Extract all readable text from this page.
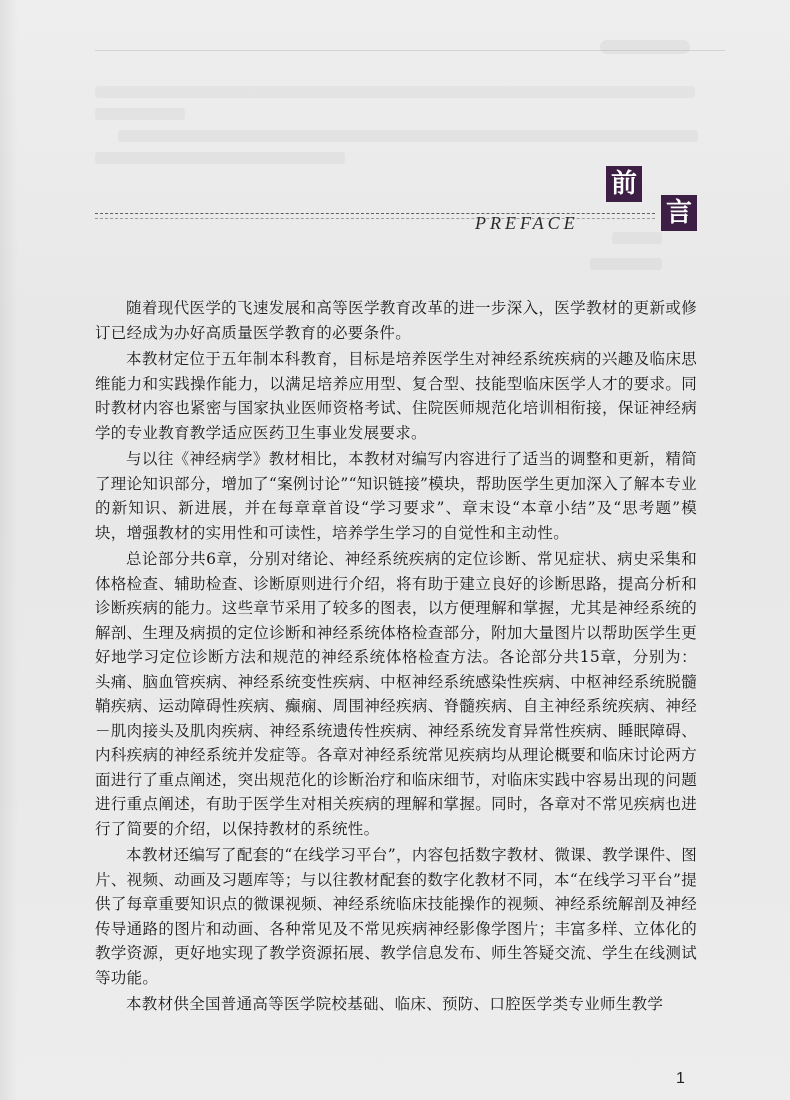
前
言
PREFACE

随着现代医学的飞速发展和高等医学教育改革的进一步深入，医学教材的更新或修订已经成为办好高质量医学教育的必要条件。

本教材定位于五年制本科教育，目标是培养医学生对神经系统疾病的兴趣及临床思维能力和实践操作能力，以满足培养应用型、复合型、技能型临床医学人才的要求。同时教材内容也紧密与国家执业医师资格考试、住院医师规范化培训相衔接，保证神经病学的专业教育教学适应医药卫生事业发展要求。

与以往《神经病学》教材相比，本教材对编写内容进行了适当的调整和更新，精简了理论知识部分，增加了“案例讨论”“知识链接”模块，帮助医学生更加深入了解本专业的新知识、新进展，并在每章章首设“学习要求”、章末设“本章小结”及“思考题”模块，增强教材的实用性和可读性，培养学生学习的自觉性和主动性。

总论部分共6章，分别对绪论、神经系统疾病的定位诊断、常见症状、病史采集和体格检查、辅助检查、诊断原则进行介绍，将有助于建立良好的诊断思路，提高分析和诊断疾病的能力。这些章节采用了较多的图表，以方便理解和掌握，尤其是神经系统的解剖、生理及病损的定位诊断和神经系统体格检查部分，附加大量图片以帮助医学生更好地学习定位诊断方法和规范的神经系统体格检查方法。各论部分共15章，分别为：头痛、脑血管疾病、神经系统变性疾病、中枢神经系统感染性疾病、中枢神经系统脱髓鞘疾病、运动障碍性疾病、癫痫、周围神经疾病、脊髓疾病、自主神经系统疾病、神经－肌肉接头及肌肉疾病、神经系统遗传性疾病、神经系统发育异常性疾病、睡眠障碍、内科疾病的神经系统并发症等。各章对神经系统常见疾病均从理论概要和临床讨论两方面进行了重点阐述，突出规范化的诊断治疗和临床细节，对临床实践中容易出现的问题进行重点阐述，有助于医学生对相关疾病的理解和掌握。同时，各章对不常见疾病也进行了简要的介绍，以保持教材的系统性。

本教材还编写了配套的“在线学习平台”，内容包括数字教材、微课、教学课件、图片、视频、动画及习题库等；与以往教材配套的数字化教材不同，本“在线学习平台”提供了每章重要知识点的微课视频、神经系统临床技能操作的视频、神经系统解剖及神经传导通路的图片和动画、各种常见及不常见疾病神经影像学图片；丰富多样、立体化的教学资源，更好地实现了教学资源拓展、教学信息发布、师生答疑交流、学生在线测试等功能。

本教材供全国普通高等医学院校基础、临床、预防、口腔医学类专业师生教学

1
